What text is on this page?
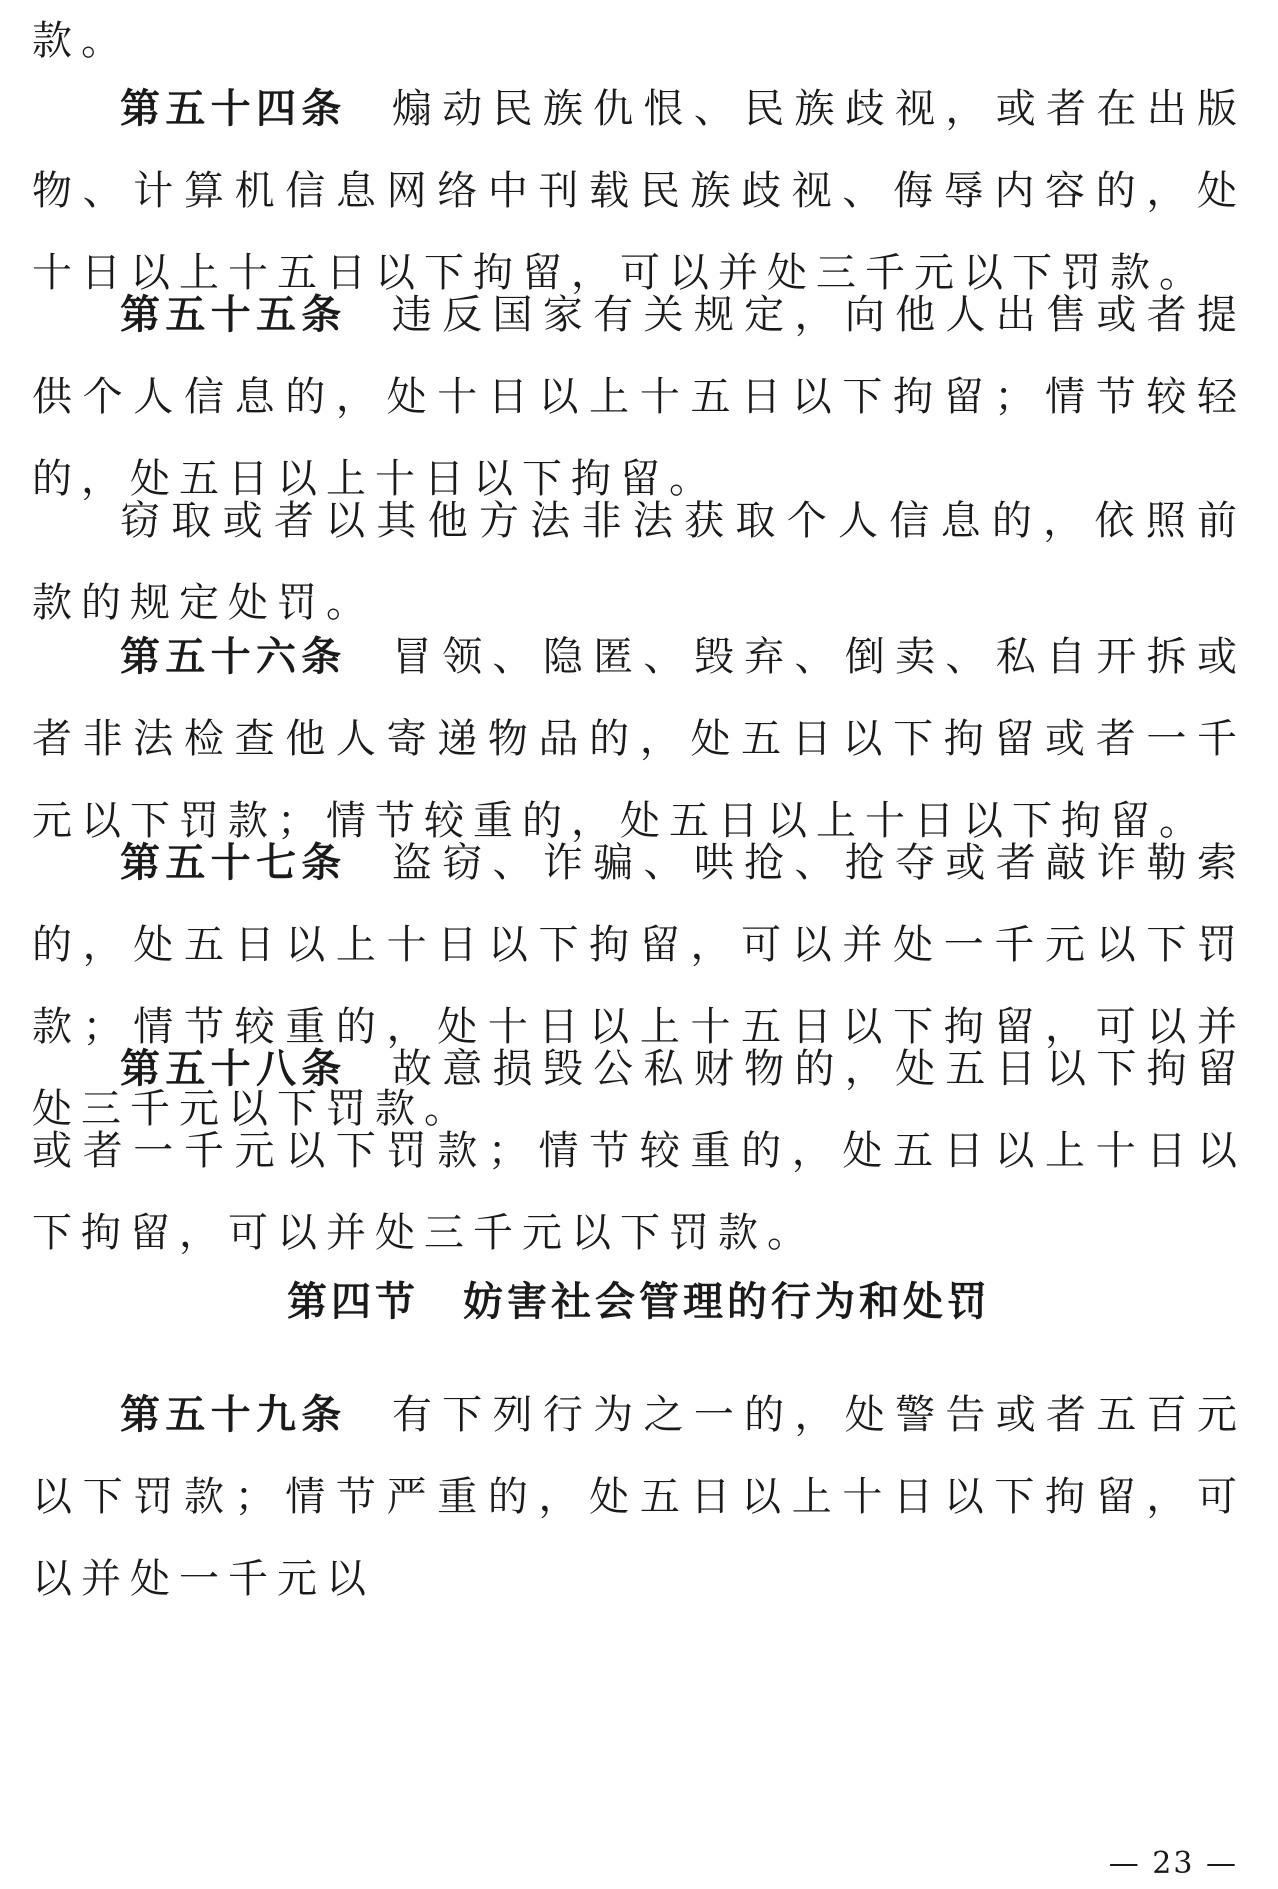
款。

第五十四条 煽动民族仇恨、民族歧视，或者在出版物、计算机信息网络中刊载民族歧视、侮辱内容的，处十日以上十五日以下拘留，可以并处三千元以下罚款。

第五十五条 违反国家有关规定，向他人出售或者提供个人信息的，处十日以上十五日以下拘留；情节较轻的，处五日以上十日以下拘留。

窃取或者以其他方法非法获取个人信息的，依照前款的规定处罚。

第五十六条 冒领、隐匿、毁弃、倒卖、私自开拆或者非法检查他人寄递物品的，处五日以下拘留或者一千元以下罚款；情节较重的，处五日以上十日以下拘留。

第五十七条 盗窃、诈骗、哄抢、抢夺或者敲诈勒索的，处五日以上十日以下拘留，可以并处一千元以下罚款；情节较重的，处十日以上十五日以下拘留，可以并处三千元以下罚款。

第五十八条 故意损毁公私财物的，处五日以下拘留或者一千元以下罚款；情节较重的，处五日以上十日以下拘留，可以并处三千元以下罚款。

第四节 妨害社会管理的行为和处罚

第五十九条 有下列行为之一的，处警告或者五百元以下罚款；情节严重的，处五日以上十日以下拘留，可以并处一千元以

— 23 —
